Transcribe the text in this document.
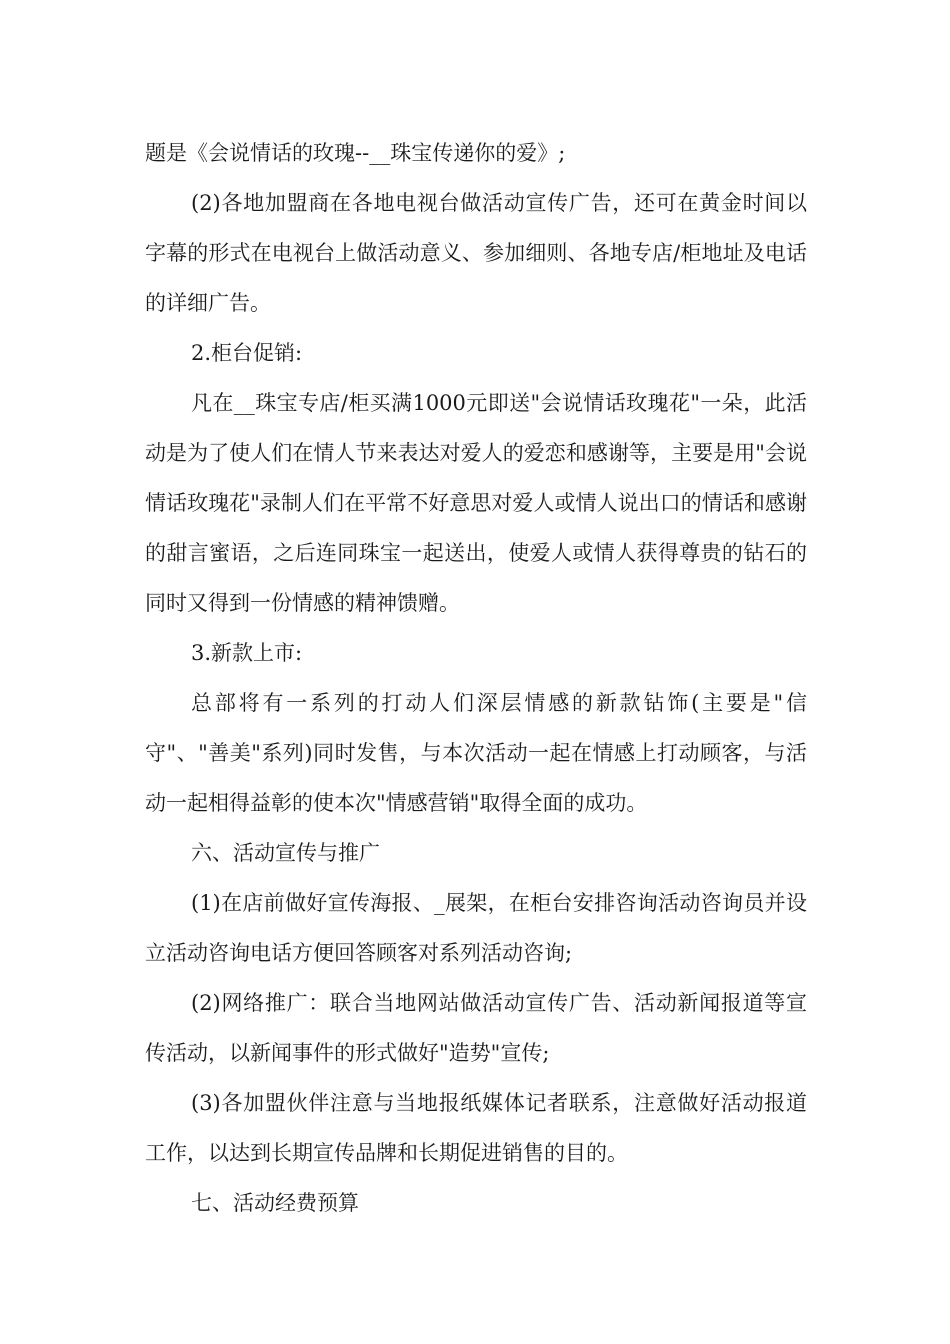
题是《会说情话的玫瑰--__珠宝传递你的爱》;

(2)各地加盟商在各地电视台做活动宣传广告，还可在黄金时间以字幕的形式在电视台上做活动意义、参加细则、各地专店/柜地址及电话的详细广告。

2.柜台促销:

凡在__珠宝专店/柜买满1000元即送"会说情话玫瑰花"一朵，此活动是为了使人们在情人节来表达对爱人的爱恋和感谢等，主要是用"会说情话玫瑰花"录制人们在平常不好意思对爱人或情人说出口的情话和感谢的甜言蜜语，之后连同珠宝一起送出，使爱人或情人获得尊贵的钻石的同时又得到一份情感的精神馈赠。

3.新款上市:

总部将有一系列的打动人们深层情感的新款钻饰(主要是"信守"、"善美"系列)同时发售，与本次活动一起在情感上打动顾客，与活动一起相得益彰的使本次"情感营销"取得全面的成功。

六、活动宣传与推广

(1)在店前做好宣传海报、_展架，在柜台安排咨询活动咨询员并设立活动咨询电话方便回答顾客对系列活动咨询;

(2)网络推广：联合当地网站做活动宣传广告、活动新闻报道等宣传活动，以新闻事件的形式做好"造势"宣传;

(3)各加盟伙伴注意与当地报纸媒体记者联系，注意做好活动报道工作，以达到长期宣传品牌和长期促进销售的目的。

七、活动经费预算
